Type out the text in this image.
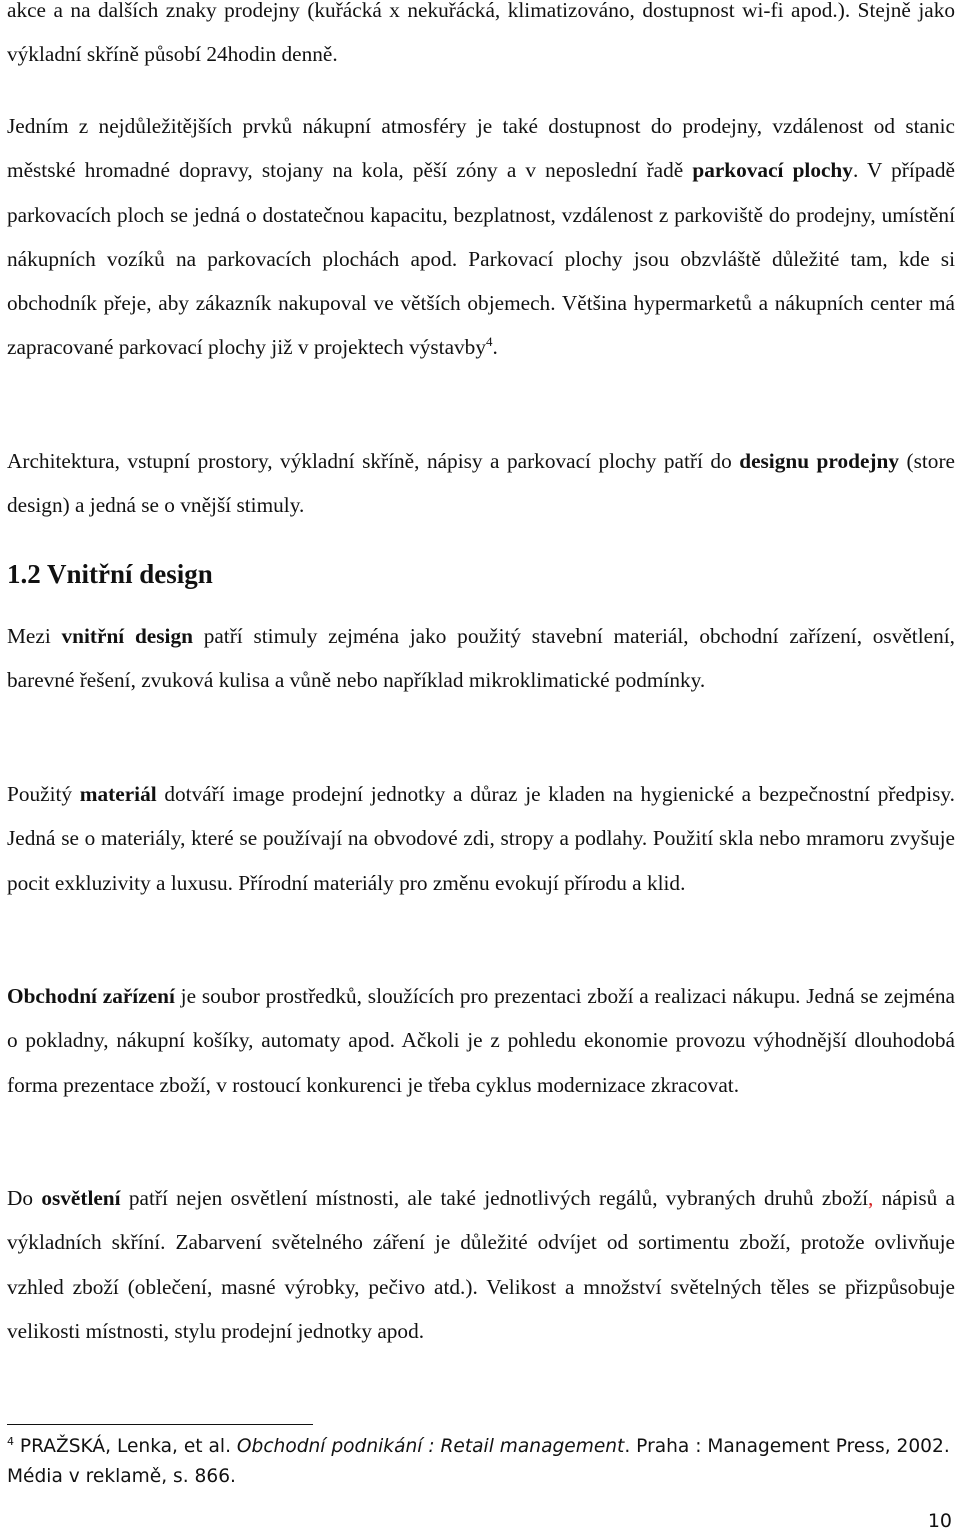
akce a na dalších znaky prodejny (kuřácká x nekuřácká, klimatizováno, dostupnost wi-fi apod.). Stejně jako výkladní skříně působí 24hodin denně.

Jedním z nejdůležitějších prvků nákupní atmosféry je také dostupnost do prodejny, vzdálenost od stanic městské hromadné dopravy, stojany na kola, pěší zóny a v neposlední řadě parkovací plochy. V případě parkovacích ploch se jedná o dostatečnou kapacitu, bezplatnost, vzdálenost z parkoviště do prodejny, umístění nákupních vozíků na parkovacích plochách apod. Parkovací plochy jsou obzvláště důležité tam, kde si obchodník přeje, aby zákazník nakupoval ve větších objemech. Většina hypermarketů a nákupních center má zapracované parkovací plochy již v projektech výstavby$^4$.

Architektura, vstupní prostory, výkladní skříně, nápisy a parkovací plochy patří do designu prodejny (store design) a jedná se o vnější stimuly.

1.2 Vnitřní design

Mezi vnitřní design patří stimuly zejména jako použitý stavební materiál, obchodní zařízení, osvětlení, barevné řešení, zvuková kulisa a vůně nebo například mikroklimatické podmínky.

Použitý materiál dotváří image prodejní jednotky a důraz je kladen na hygienické a bezpečnostní předpisy. Jedná se o materiály, které se používají na obvodové zdi, stropy a podlahy. Použití skla nebo mramoru zvyšuje pocit exkluzivity a luxusu. Přírodní materiály pro změnu evokují přírodu a klid.

Obchodní zařízení je soubor prostředků, sloužících pro prezentaci zboží a realizaci nákupu. Jedná se zejména o pokladny, nákupní košíky, automaty apod. Ačkoli je z pohledu ekonomie provozu výhodnější dlouhodobá forma prezentace zboží, v rostoucí konkurenci je třeba cyklus modernizace zkracovat.

Do osvětlení patří nejen osvětlení místnosti, ale také jednotlivých regálů, vybraných druhů zboží, nápisů a výkladních skříní. Zabarvení světelného záření je důležité odvíjet od sortimentu zboží, protože ovlivňuje vzhled zboží (oblečení, masné výrobky, pečivo atd.). Velikost a množství světelných těles se přizpůsobuje velikosti místnosti, stylu prodejní jednotky apod.

$^4$ PRAŽSKÁ, Lenka, et al. Obchodní podnikání : Retail management. Praha : Management Press, 2002. Média v reklamě, s. 866.

10
